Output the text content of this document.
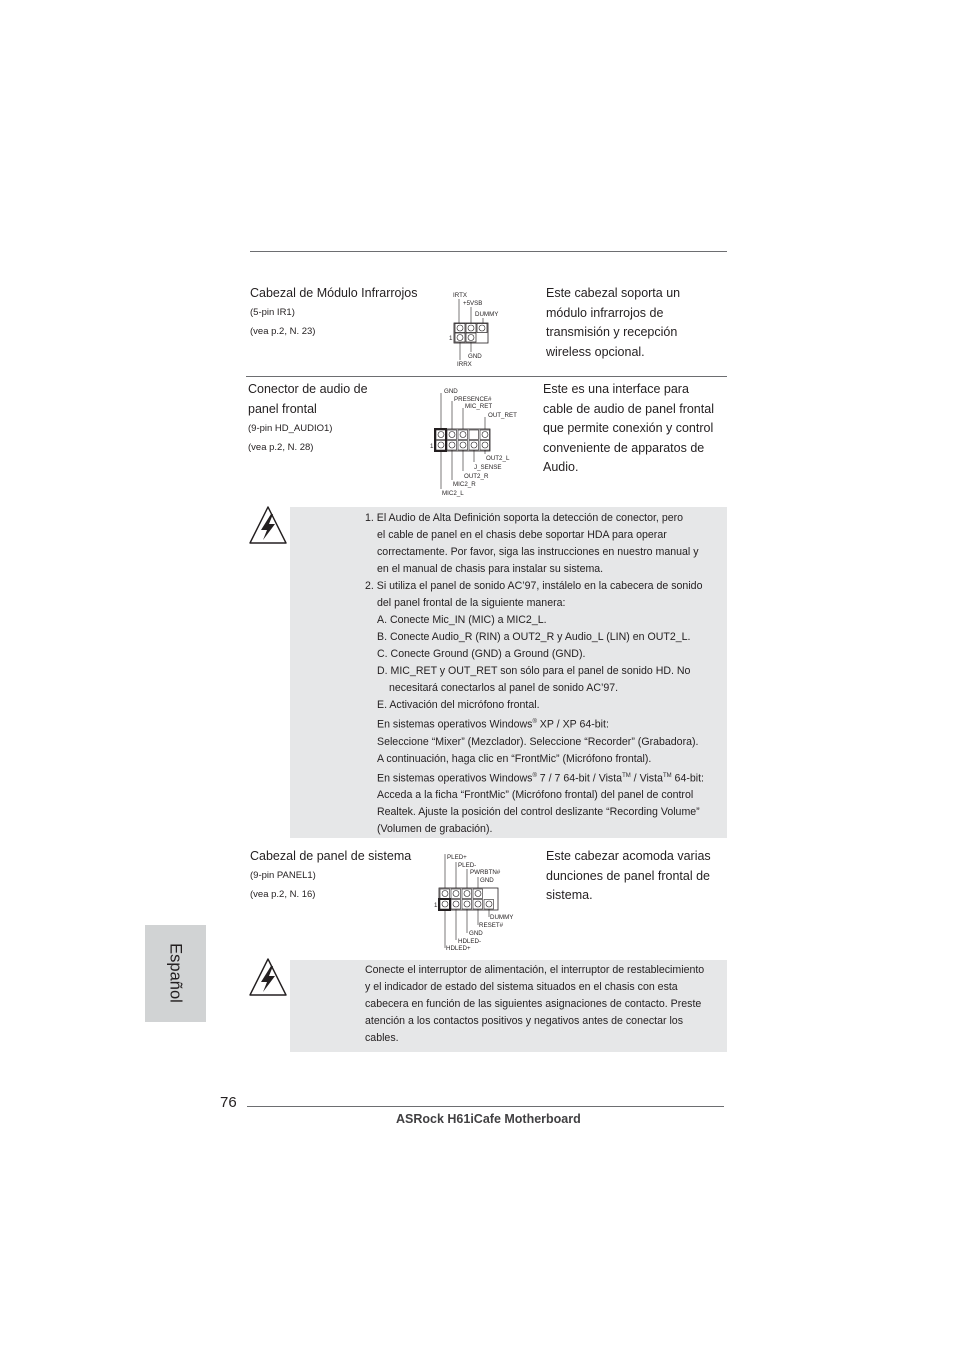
Cabezal de Módulo Infrarrojos
(5-pin IR1)
(vea p.2, N. 23)
IRTX
+5VSB
DUMMY
1
GND
IRRX
Este cabezal soporta un
módulo infrarrojos de
transmisión y recepción
wireless opcional.
Conector de audio de
panel frontal
(9-pin HD_AUDIO1)
(vea p.2, N. 28)
GND
PRESENCE#
MIC_RET
OUT_RET
1
OUT2_L
J_SENSE
OUT2_R
MIC2_R
MIC2_L
Este es una interface para
cable de audio de panel frontal
que permite conexión y control
conveniente de apparatos de
Audio.
1. El Audio de Alta Definición soporta la detección de conector, pero
el cable de panel en el chasis debe soportar HDA para operar
correctamente. Por favor, siga las instrucciones en nuestro manual y
en el manual de chasis para instalar su sistema.
2. Si utiliza el panel de sonido AC’97, instálelo en la cabecera de sonido
del panel frontal de la siguiente manera:
A. Conecte Mic_IN (MIC) a MIC2_L.
B. Conecte Audio_R (RIN) a OUT2_R y Audio_L (LIN) en OUT2_L.
C. Conecte Ground (GND) a Ground (GND).
D. MIC_RET y OUT_RET son sólo para el panel de sonido HD. No
necesitará conectarlos al panel de sonido AC’97.
E. Activación del micrófono frontal.
En sistemas operativos Windows® XP / XP 64-bit:
Seleccione “Mixer” (Mezclador). Seleccione “Recorder” (Grabadora).
A continuación, haga clic en “FrontMic” (Micrófono frontal).
En sistemas operativos Windows® 7 / 7 64-bit / Vista™ / Vista™ 64-bit:
Acceda a la ficha “FrontMic” (Micrófono frontal) del panel de control
Realtek. Ajuste la posición del control deslizante “Recording Volume”
(Volumen de grabación).
Cabezal de panel de sistema
(9-pin PANEL1)
(vea p.2, N. 16)
PLED+
PLED-
PWRBTN#
GND
1
DUMMY
RESET#
GND
HDLED-
HDLED+
Este cabezar acomoda varias
dunciones de panel frontal de
sistema.
Conecte el interruptor de alimentación, el interruptor de restablecimiento
y el indicador de estado del sistema situados en el chasis con esta
cabecera en función de las siguientes asignaciones de contacto. Preste
atención a los contactos positivos y negativos antes de conectar los
cables.
Español
76
ASRock H61iCafe Motherboard
